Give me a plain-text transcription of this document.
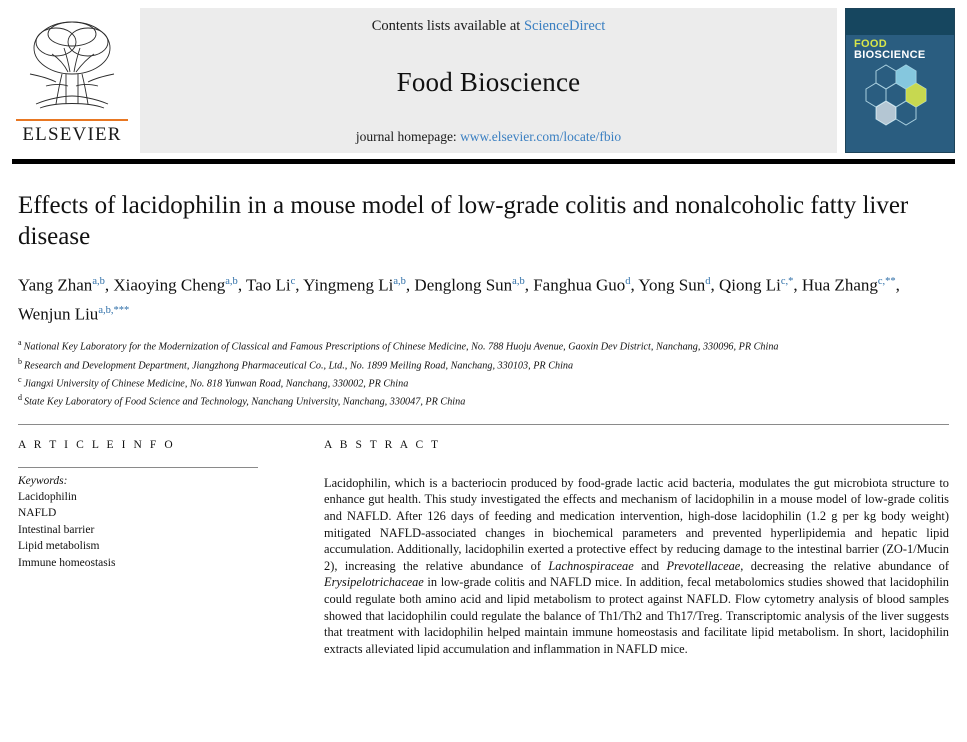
ELSEVIER
Contents lists available at ScienceDirect
Food Bioscience
journal homepage: www.elsevier.com/locate/fbio
FOOD
BIOSCIENCE
Effects of lacidophilin in a mouse model of low-grade colitis and nonalcoholic fatty liver disease
Yang Zhan$^{a,b}$, Xiaoying Cheng$^{a,b}$, Tao Li$^c$, Yingmeng Li$^{a,b}$, Denglong Sun$^{a,b}$, Fanghua Guo$^d$, Yong Sun$^d$, Qiong $Li^{c,*}$, Hua Zhang$^{c,**}$, Wenjun Liu$^{a,b,***}$
$^a$ National Key Laboratory for the Modernization of Classical and Famous Prescriptions of Chinese Medicine, No. 788 Huoju Avenue, Gaoxin Dev District, Nanchang, 330096, PR China
$^b$ Research and Development Department, Jiangzhong Pharmaceutical Co., Ltd., No. 1899 Meiling Road, Nanchang, 330103, PR China
$^c$ Jiangxi University of Chinese Medicine, No. 818 Yunwan Road, Nanchang, 330002, PR China
$^d$ State Key Laboratory of Food Science and Technology, Nanchang University, Nanchang, 330047, PR China
A R T I C L E I N F O
Keywords:
Lacidophilin
NAFLD
Intestinal barrier
Lipid metabolism
Immune homeostasis
A B S T R A C T
Lacidophilin, which is a bacteriocin produced by food-grade lactic acid bacteria, modulates the gut microbiota structure to enhance gut health. This study investigated the effects and mechanism of lacidophilin in a mouse model of low-grade colitis and NAFLD. After 126 days of feeding and medication intervention, high-dose lacidophilin (1.2 g per kg body weight) mitigated NAFLD-associated changes in biochemical parameters and prevented hyperlipidemia and hepatic lipid accumulation. Additionally, lacidophilin exerted a protective effect by reducing damage to the intestinal barrier (ZO-1/Mucin 2), increasing the relative abundance of Lachnospiraceae and Prevotellaceae, decreasing the relative abundance of Erysipelotrichaceae in low-grade colitis and NAFLD mice. In addition, fecal metabolomics studies showed that lacidophilin could regulate both amino acid and lipid metabolism to protect against NAFLD. Flow cytometry analysis of blood samples showed that lacidophilin could regulate the balance of Th1/Th2 and Th17/Treg. Transcriptomic analysis of the liver suggests that treatment with lacidophilin helped maintain immune homeostasis and facilitate lipid metabolism. In short, lacidophilin extracts alleviated lipid accumulation and inflammation in NAFLD mice.
